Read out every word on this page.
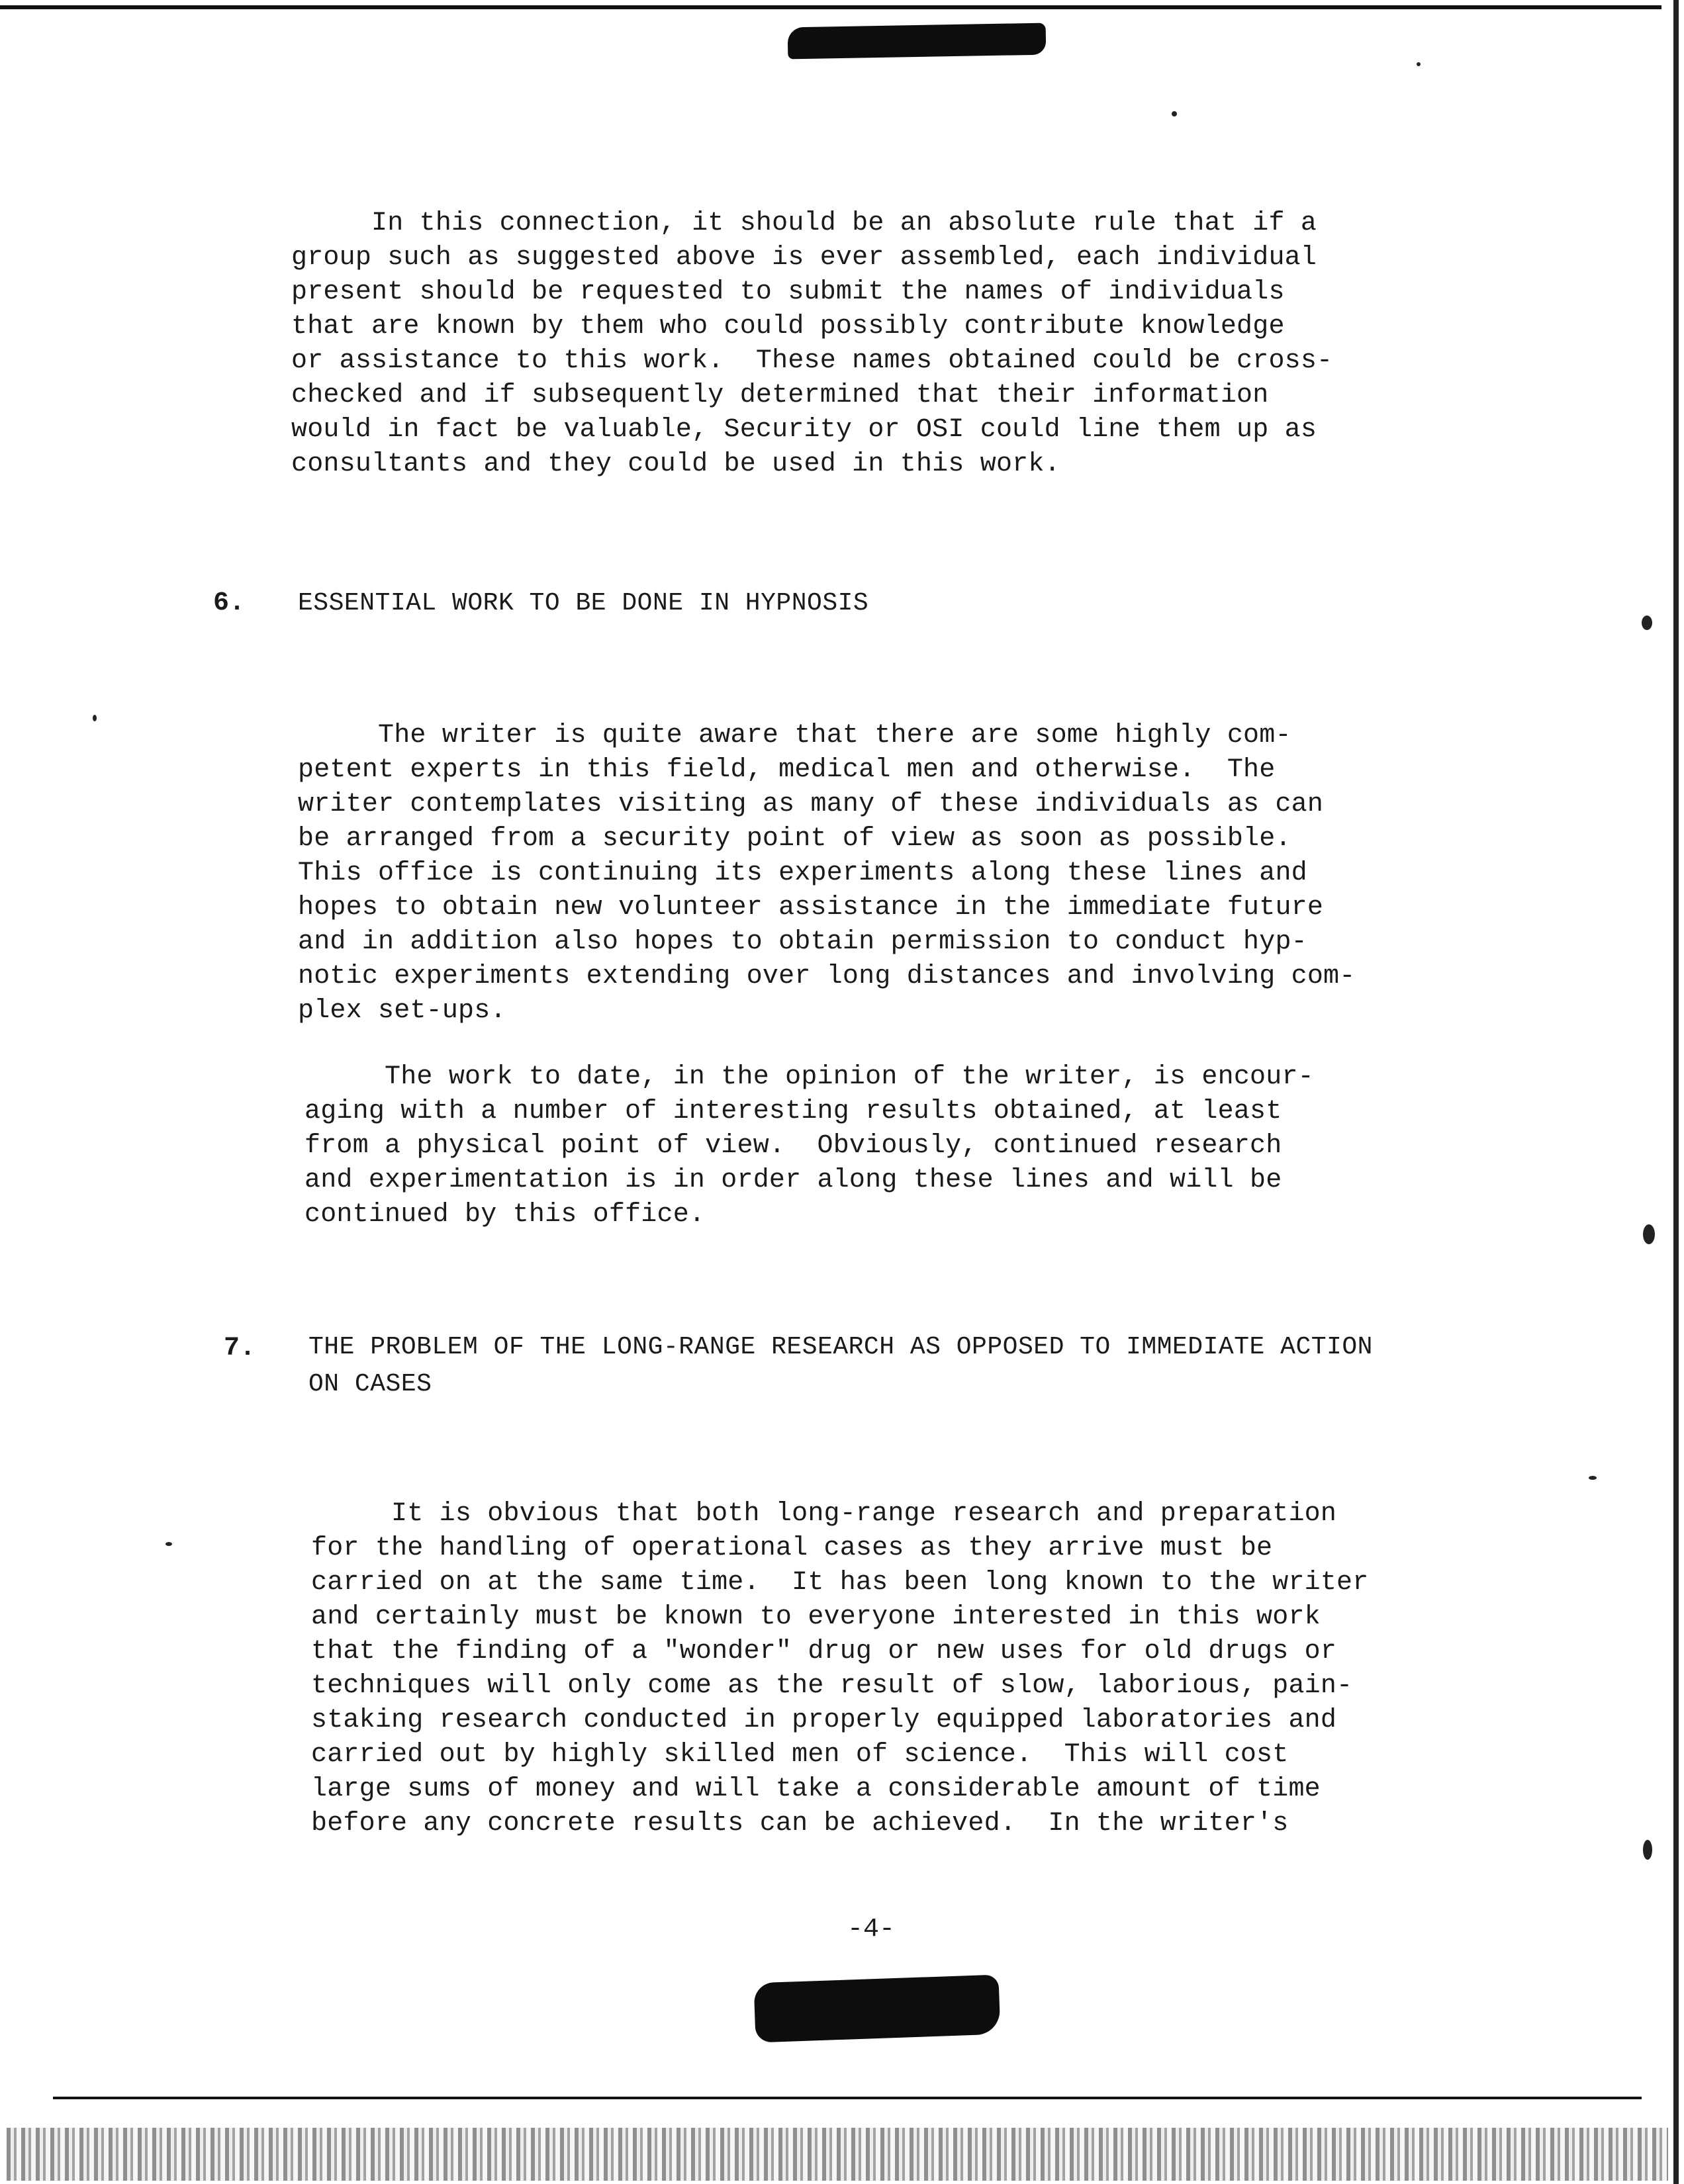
In this connection, it should be an absolute rule that if a

group such as suggested above is ever assembled, each individual

present should be requested to submit the names of individuals

that are known by them who could possibly contribute knowledge

or assistance to this work.  These names obtained could be cross-

checked and if subsequently determined that their information

would in fact be valuable, Security or OSI could line them up as

consultants and they could be used in this work.

6. ESSENTIAL WORK TO BE DONE IN HYPNOSIS

The writer is quite aware that there are some highly com-

petent experts in this field, medical men and otherwise.  The

writer contemplates visiting as many of these individuals as can

be arranged from a security point of view as soon as possible.

This office is continuing its experiments along these lines and

hopes to obtain new volunteer assistance in the immediate future

and in addition also hopes to obtain permission to conduct hyp-

notic experiments extending over long distances and involving com-

plex set-ups.

The work to date, in the opinion of the writer, is encour-

aging with a number of interesting results obtained, at least

from a physical point of view.  Obviously, continued research

and experimentation is in order along these lines and will be

continued by this office.

7. THE PROBLEM OF THE LONG-RANGE RESEARCH AS OPPOSED TO IMMEDIATE ACTION

ON CASES

It is obvious that both long-range research and preparation

for the handling of operational cases as they arrive must be

carried on at the same time.  It has been long known to the writer

and certainly must be known to everyone interested in this work

that the finding of a "wonder" drug or new uses for old drugs or

techniques will only come as the result of slow, laborious, pain-

staking research conducted in properly equipped laboratories and

carried out by highly skilled men of science.  This will cost

large sums of money and will take a considerable amount of time

before any concrete results can be achieved.  In the writer's

-4-
